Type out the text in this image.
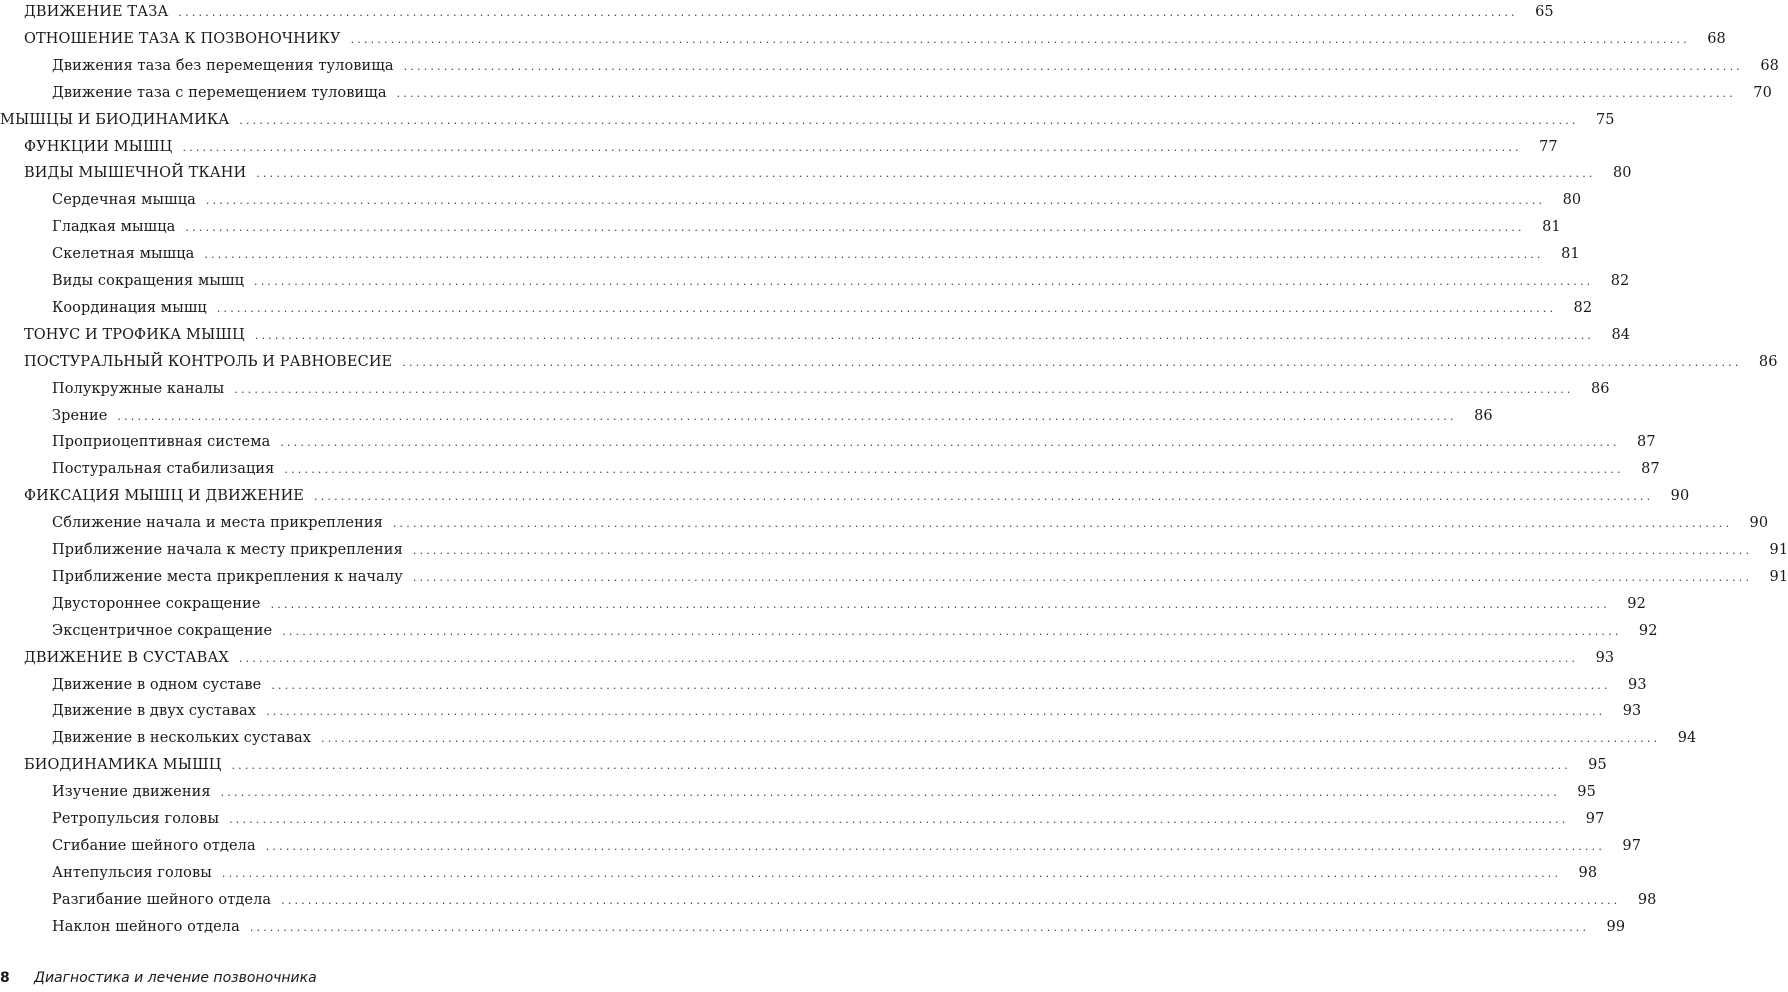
ДВИЖЕНИЕ ТАЗА ........................................................................................................................................................................................................	65
ОТНОШЕНИЕ ТАЗА К ПОЗВОНОЧНИКУ ........................................................................................................................................................................................................	68
Движения таза без перемещения туловища ........................................................................................................................................................................................................	68
Движение таза с перемещением туловища ........................................................................................................................................................................................................	70
МЫШЦЫ И БИОДИНАМИКА ........................................................................................................................................................................................................	75
ФУНКЦИИ МЫШЦ ........................................................................................................................................................................................................	77
ВИДЫ МЫШЕЧНОЙ ТКАНИ ........................................................................................................................................................................................................	80
Сердечная мышца ........................................................................................................................................................................................................	80
Гладкая мышца ........................................................................................................................................................................................................	81
Скелетная мышца ........................................................................................................................................................................................................	81
Виды сокращения мышц ........................................................................................................................................................................................................	82
Координация мышц ........................................................................................................................................................................................................	82
ТОНУС И ТРОФИКА МЫШЦ ........................................................................................................................................................................................................	84
ПОСТУРАЛЬНЫЙ КОНТРОЛЬ И РАВНОВЕСИЕ ........................................................................................................................................................................................................	86
Полукружные каналы ........................................................................................................................................................................................................	86
Зрение ........................................................................................................................................................................................................	86
Проприоцептивная система ........................................................................................................................................................................................................	87
Постуральная стабилизация ........................................................................................................................................................................................................	87
ФИКСАЦИЯ МЫШЦ И ДВИЖЕНИЕ ........................................................................................................................................................................................................	90
Сближение начала и места прикрепления ........................................................................................................................................................................................................	90
Приближение начала к месту прикрепления ........................................................................................................................................................................................................	91
Приближение места прикрепления к началу ........................................................................................................................................................................................................	91
Двустороннее сокращение ........................................................................................................................................................................................................	92
Эксцентричное сокращение ........................................................................................................................................................................................................	92
ДВИЖЕНИЕ В СУСТАВАХ ........................................................................................................................................................................................................	93
Движение в одном суставе ........................................................................................................................................................................................................	93
Движение в двух суставах ........................................................................................................................................................................................................	93
Движение в нескольких суставах ........................................................................................................................................................................................................	94
БИОДИНАМИКА МЫШЦ ........................................................................................................................................................................................................	95
Изучение движения ........................................................................................................................................................................................................	95
Ретропульсия головы ........................................................................................................................................................................................................	97
Сгибание шейного отдела ........................................................................................................................................................................................................	97
Антепульсия головы ........................................................................................................................................................................................................	98
Разгибание шейного отдела ........................................................................................................................................................................................................	98
Наклон шейного отдела ........................................................................................................................................................................................................	99
8	Диагностика и лечение позвоночника
